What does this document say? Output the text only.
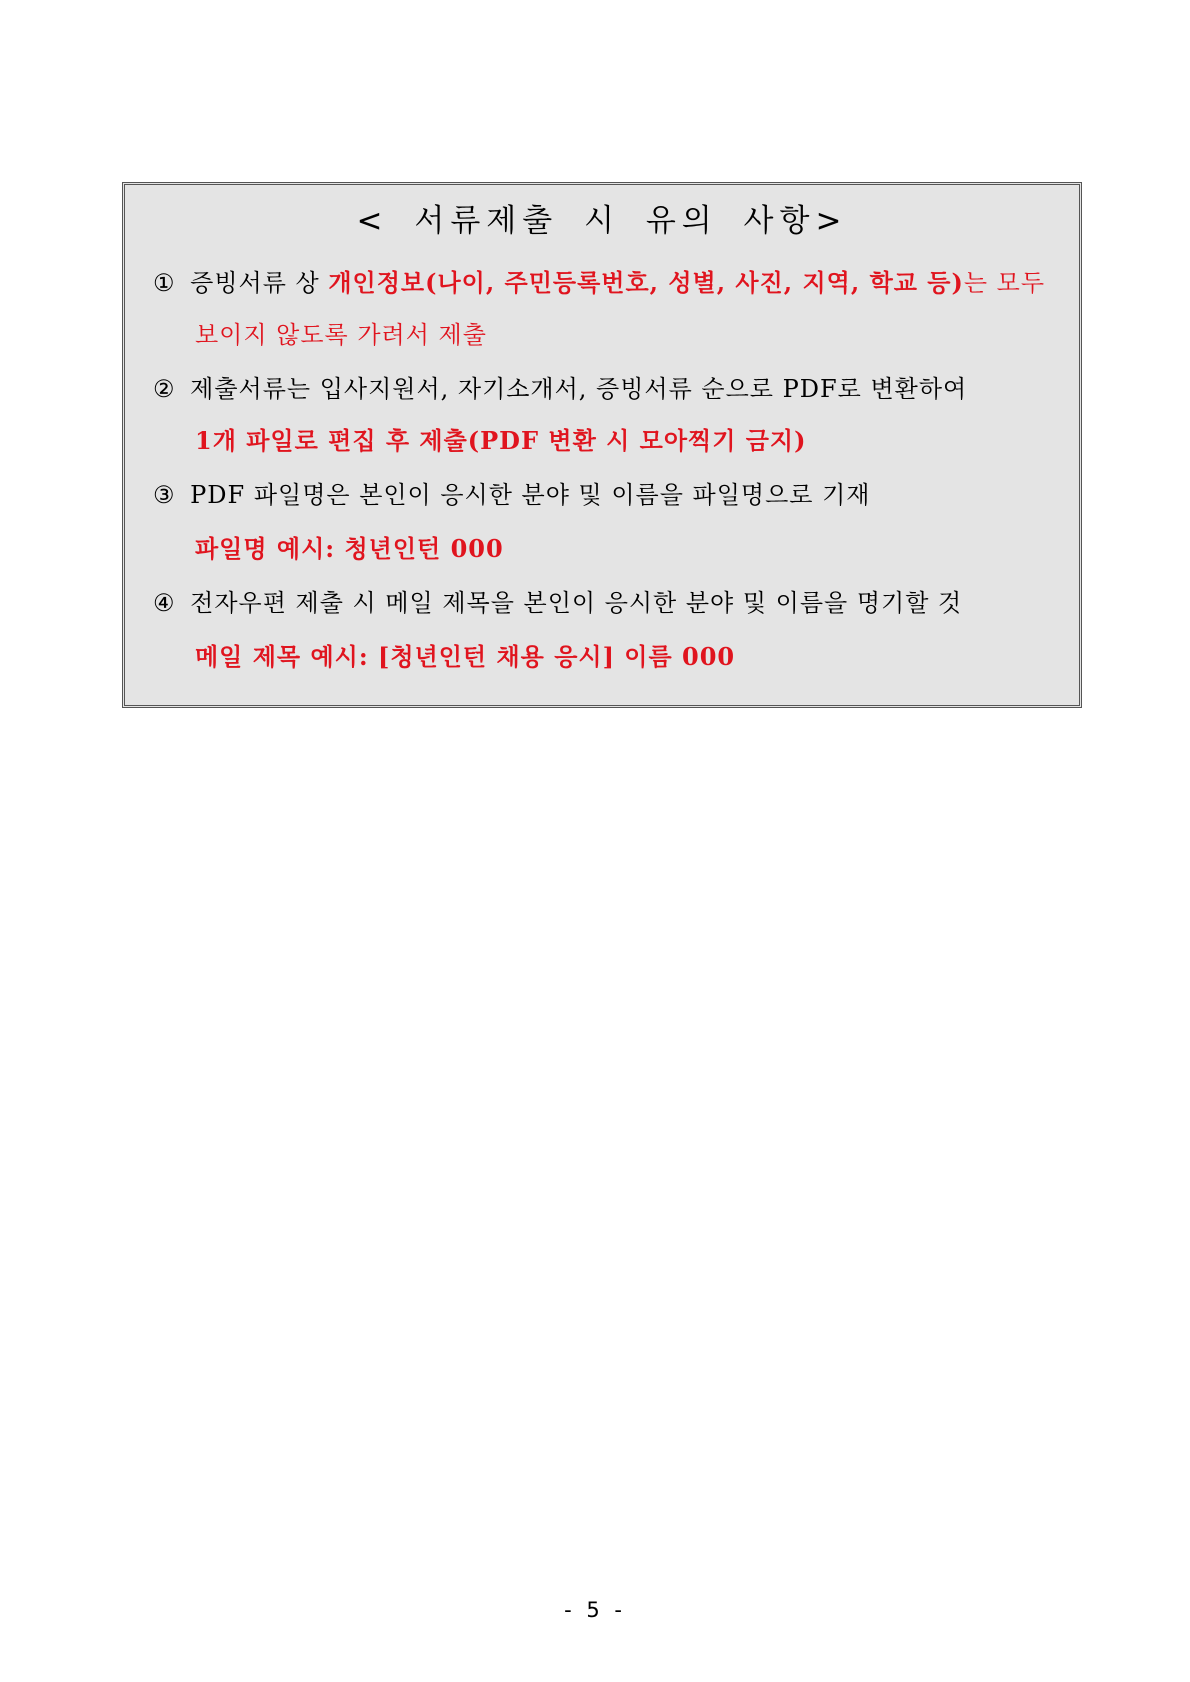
< 서류제출 시 유의 사항>
① 증빙서류 상 개인정보(나이, 주민등록번호, 성별, 사진, 지역, 학교 등)는 모두
보이지 않도록 가려서 제출
② 제출서류는 입사지원서, 자기소개서, 증빙서류 순으로 PDF로 변환하여
1개 파일로 편집 후 제출(PDF 변환 시 모아찍기 금지)
③ PDF 파일명은 본인이 응시한 분야 및 이름을 파일명으로 기재
파일명 예시: 청년인턴 000
④ 전자우편 제출 시 메일 제목을 본인이 응시한 분야 및 이름을 명기할 것
메일 제목 예시: [청년인턴 채용 응시] 이름 000
- 5 -
